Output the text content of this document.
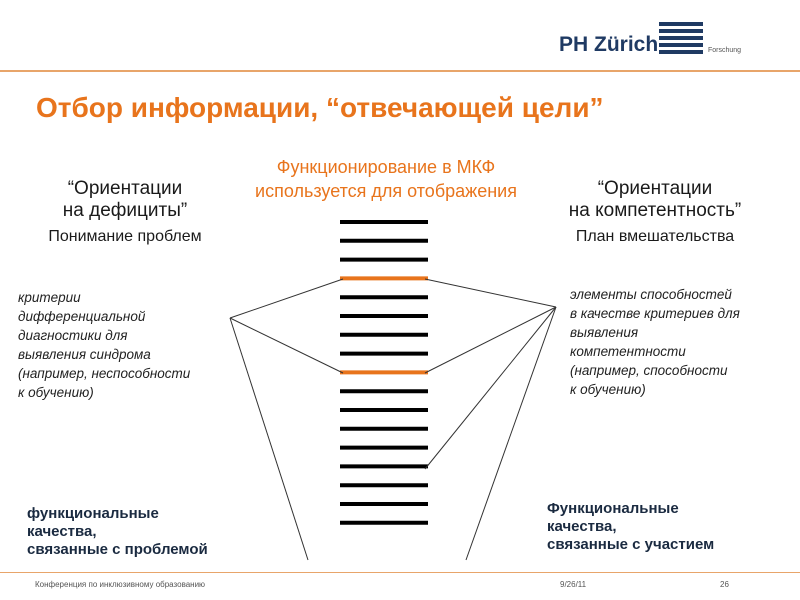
PH Zürich	Forschung
Отбор информации, “отвечающей цели”
Функционирование в МКФ
используется для отображения
“Ориентации
на дефициты”
Понимание проблем
“Ориентации
на компетентность”
План вмешательства
критерии
дифференциальной
диагностики для
выявления синдрома
(например, неспособности
к обучению)
элементы способностей
в качестве критериев для
выявления
компетентности
(например, способности
к обучению)
функциональные
качества,
связанные с проблемой
Функциональные
качества,
связанные с участием
Конференция по инклюзивному образованию	9/26/11	26
